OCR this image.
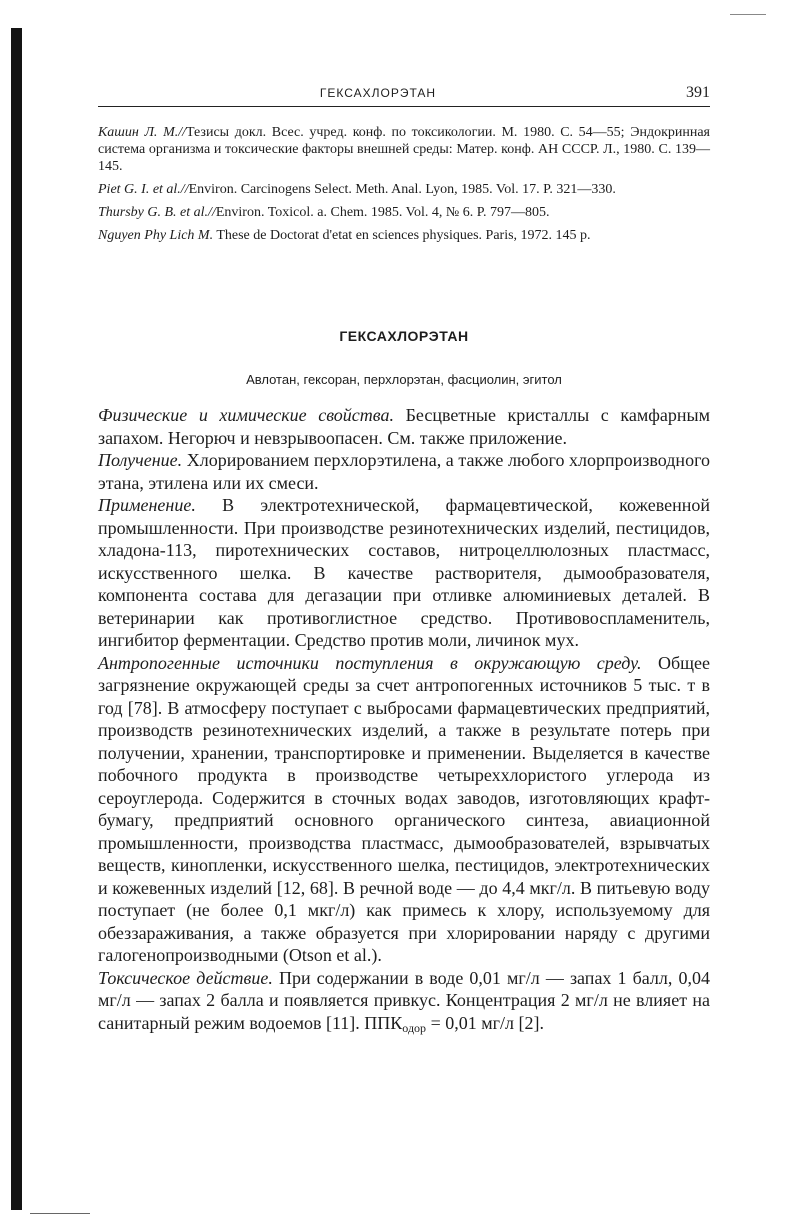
ГЕКСАХЛОРЭТАН	391

Кашин Л. М.//Тезисы докл. Всес. учред. конф. по токсикологии. М. 1980. С. 54—55; Эндокринная система организма и токсические факторы внешней среды: Матер. конф. АН СССР. Л., 1980. С. 139—145.

Piet G. I. et al.//Environ. Carcinogens Select. Meth. Anal. Lyon, 1985. Vol. 17. P. 321—330.

Thursby G. B. et al.//Environ. Toxicol. a. Chem. 1985. Vol. 4, № 6. P. 797—805.

Nguyen Phy Lich M. These de Doctorat d'etat en sciences physiques. Paris, 1972. 145 p.

ГЕКСАХЛОРЭТАН
Авлотан, гексоран, перхлорэтан, фасциолин, эгитол

Физические и химические свойства. Бесцветные кристаллы с камфарным запахом. Негорюч и невзрывоопасен. См. также приложение.

Получение. Хлорированием перхлорэтилена, а также любого хлорпроизводного этана, этилена или их смеси.

Применение. В электротехнической, фармацевтической, кожевенной промышленности. При производстве резинотехнических изделий, пестицидов, хладона-113, пиротехнических составов, нитроцеллюлозных пластмасс, искусственного шелка. В качестве растворителя, дымообразователя, компонента состава для дегазации при отливке алюминиевых деталей. В ветеринарии как противоглистное средство. Противовоспламенитель, ингибитор ферментации. Средство против моли, личинок мух.

Антропогенные источники поступления в окружающую среду. Общее загрязнение окружающей среды за счет антропогенных источников 5 тыс. т в год [78]. В атмосферу поступает с выбросами фармацевтических предприятий, производств резинотехнических изделий, а также в результате потерь при получении, хранении, транспортировке и применении. Выделяется в качестве побочного продукта в производстве четыреххлористого углерода из сероуглерода. Содержится в сточных водах заводов, изготовляющих крафт-бумагу, предприятий основного органического синтеза, авиационной промышленности, производства пластмасс, дымообразователей, взрывчатых веществ, кинопленки, искусственного шелка, пестицидов, электротехнических и кожевенных изделий [12, 68]. В речной воде — до 4,4 мкг/л. В питьевую воду поступает (не более 0,1 мкг/л) как примесь к хлору, используемому для обеззараживания, а также образуется при хлорировании наряду с другими галогенопроизводными (Otson et al.).

Токсическое действие. При содержании в воде 0,01 мг/л — запах 1 балл, 0,04 мг/л — запах 2 балла и появляется привкус. Концентрация 2 мг/л не влияет на санитарный режим водоемов [11]. $ППК_{одор} = 0,01$ мг/л [2].
